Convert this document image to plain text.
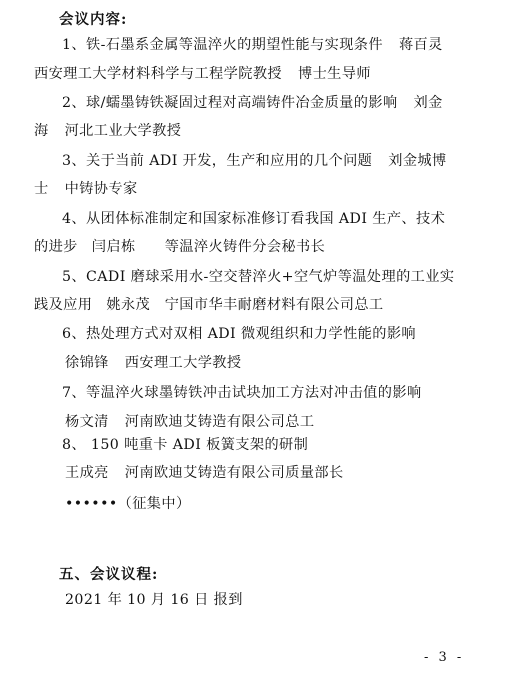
会议内容:
1、铁-石墨系金属等温淬火的期望性能与实现条件 蒋百灵
西安理工大学材料科学与工程学院教授 博士生导师
2、球/蠕墨铸铁凝固过程对高端铸件冶金质量的影响 刘金
海 河北工业大学教授
3、关于当前 ADI 开发，生产和应用的几个问题 刘金城博
士 中铸协专家
4、从团体标准制定和国家标准修订看我国 ADI 生产、技术
的进步 闫启栋　　等温淬火铸件分会秘书长
5、CADI 磨球采用水-空交替淬火+空气炉等温处理的工业实
践及应用 姚永茂　宁国市华丰耐磨材料有限公司总工
6、热处理方式对双相 ADI 微观组织和力学性能的影响
徐锦锋 西安理工大学教授
7、等温淬火球墨铸铁冲击试块加工方法对冲击值的影响
杨文清 河南欧迪艾铸造有限公司总工
8、 150 吨重卡 ADI 板簧支架的研制
王成亮 河南欧迪艾铸造有限公司质量部长
••••••（征集中）
五、会议议程:
2021 年 10 月 16 日 报到
- 3 -
